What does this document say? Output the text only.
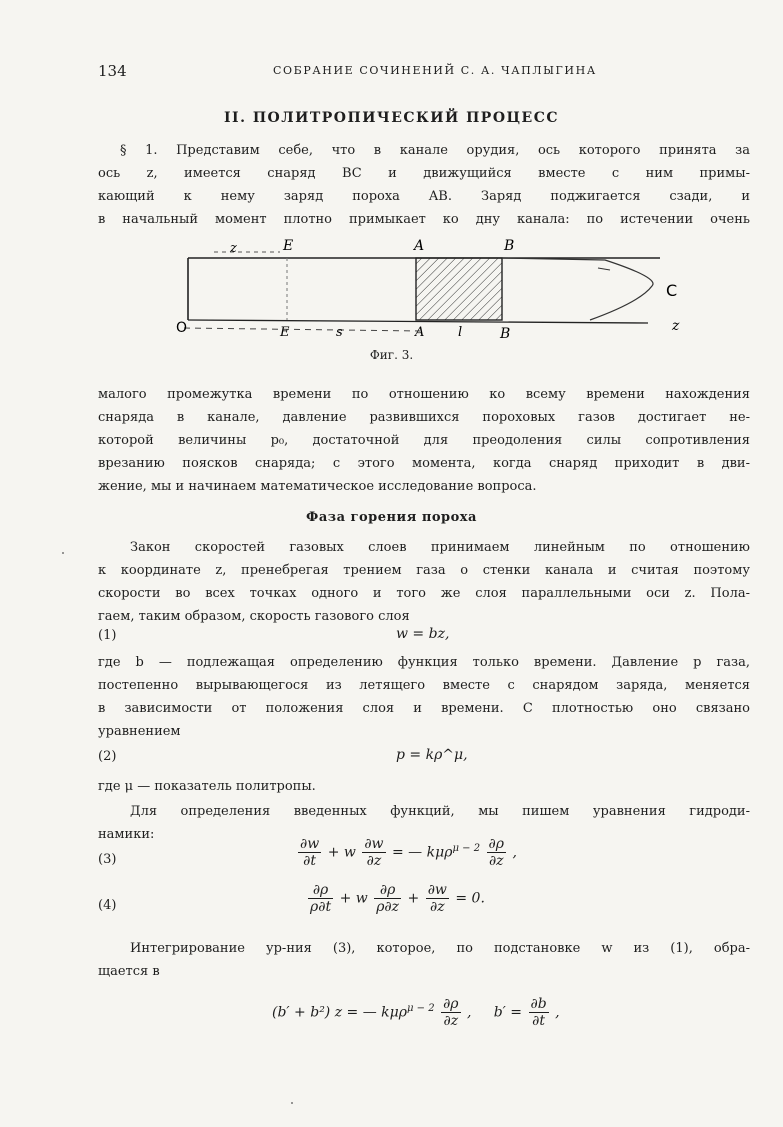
134	СОБРАНИЕ СОЧИНЕНИЙ С. А. ЧАПЛЫГИНА
II. ПОЛИТРОПИЧЕСКИЙ ПРОЦЕСС

§ 1. Представим себе, что в канале орудия, ось которого принята за
ось z, имеется снаряд BC и движущийся вместе с ним примы-
кающий к нему заряд пороха AB. Заряд поджигается сзади, и
в начальный момент плотно примыкает ко дну канала: по истечении очень

z	E	A	B
C
O	E	s	A	l	B	z
Фиг. 3.

малого промежутка времени по отношению ко всему времени нахождения
снаряда в канале, давление развившихся пороховых газов достигает не-
которой величины p₀, достаточной для преодоления силы сопротивления
врезанию поясков снаряда; с этого момента, когда снаряд приходит в дви-
жение, мы и начинаем математическое исследование вопроса.

Фаза горения пороха

Закон скоростей газовых слоев принимаем линейным по отношению
к координате z, пренебрегая трением газа о стенки канала и считая поэтому
скорости во всех точках одного и того же слоя параллельными оси z. Пола-
гаем, таким образом, скорость газового слоя

(1)	w = bz,

где b — подлежащая определению функция только времени. Давление p газа,
постепенно вырывающегося из летящего вместе с снарядом заряда, меняется
в зависимости от положения слоя и времени. С плотностью оно связано
уравнением

(2)	p = kρ^μ,

где μ — показатель политропы.

Для определения введенных функций, мы пишем уравнения гидроди-
намики:

(3)	$\frac{\partial w}{\partial t} + w \frac{\partial w}{\partial z}$ = — $k\mu\rho^{\mu - 2} \frac{\partial\rho}{\partial z}$ ,
(4)	$\frac{\partial\rho}{\rho\partial t} + w \frac{\partial\rho}{\rho\partial z} + \frac{\partial w}{\partial z} = 0$.

Интегрирование ур-ния (3), которое, по подстановке w из (1), обра-
щается в

(b′ + b²) z = — $k\mu\rho^{\mu - 2} \frac{\partial\rho}{\partial z}$ , $b' = \frac{\partial b}{\partial t}$ ,
